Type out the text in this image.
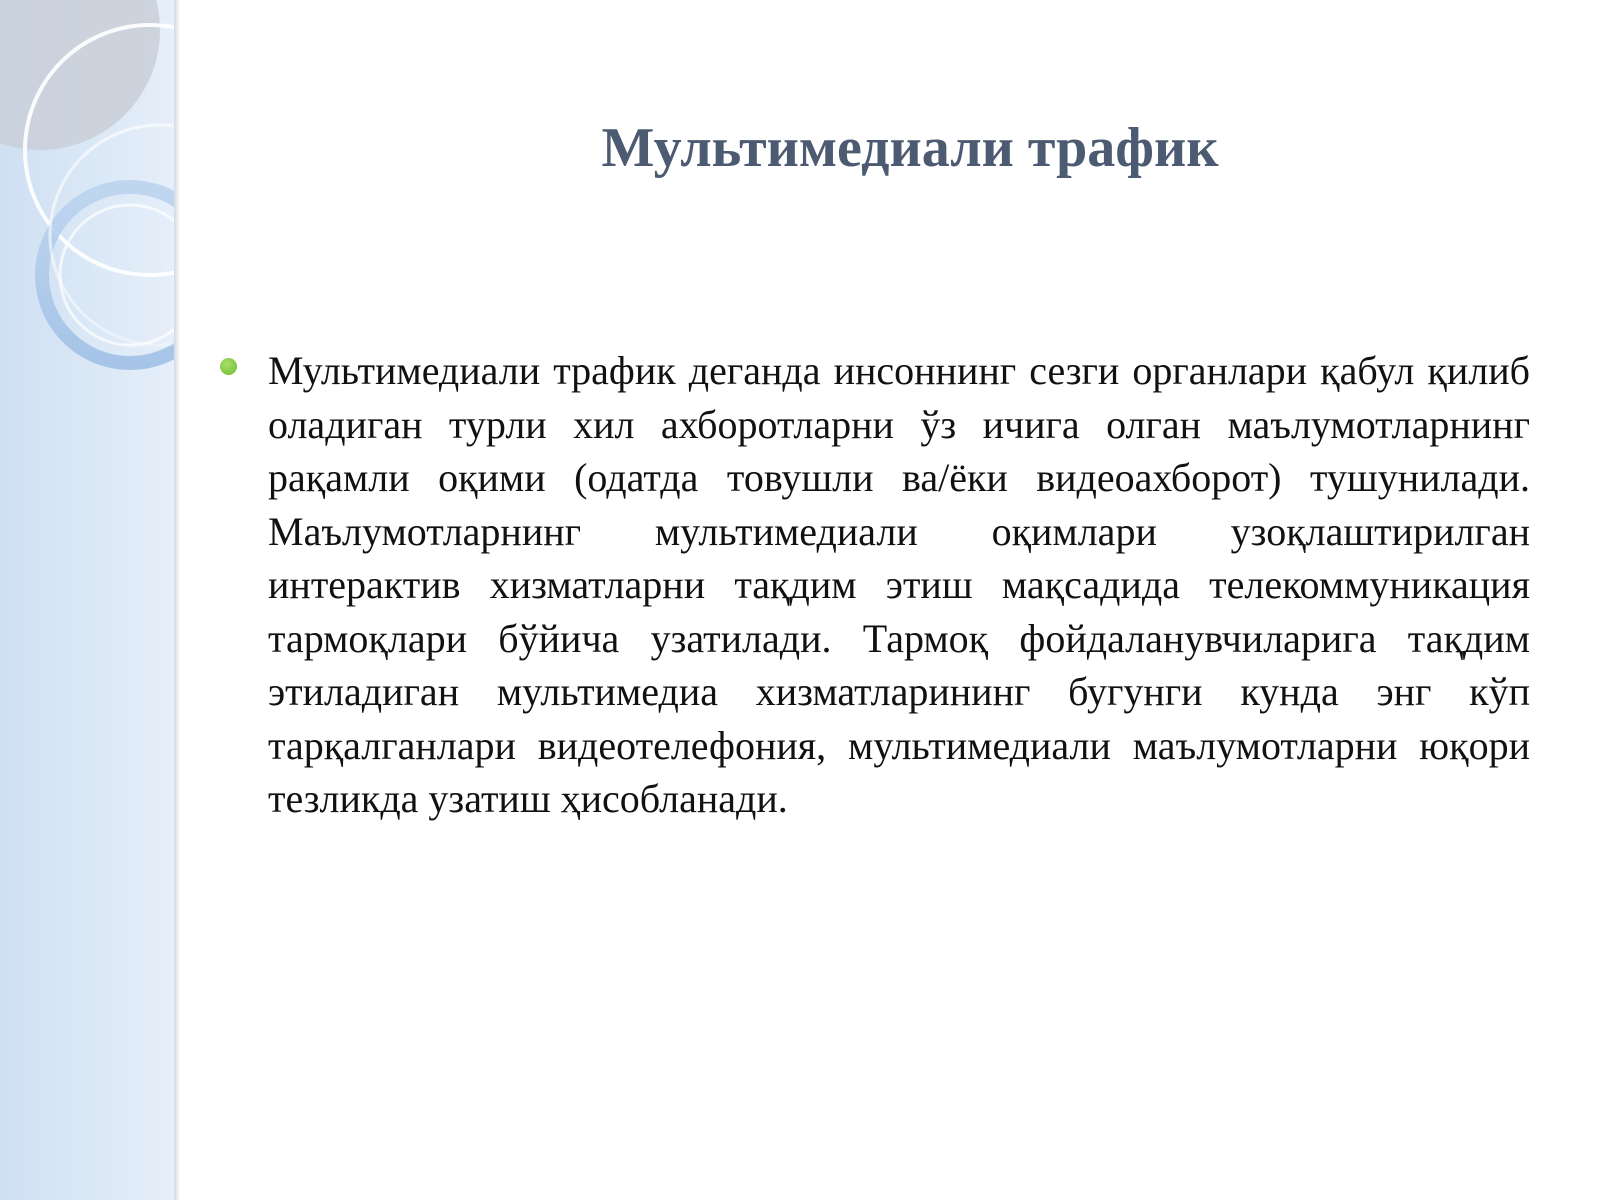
Мультимедиали трафик

Мультимедиали трафик деганда инсоннинг сезги органлари қабул қилиб оладиган турли хил ахборотларни ўз ичига олган маълумотларнинг рақамли оқими (одатда товушли ва/ёки видеоахборот) тушунилади. Маълумотларнинг мультимедиали оқимлари узоқлаштирилган интерактив хизматларни тақдим этиш мақсадида телекоммуникация тармоқлари бўйича узатилади. Тармоқ фойдаланувчиларига тақдим этиладиган мультимедиа хизматларининг бугунги кунда энг кўп тарқалганлари видеотелефония, мультимедиали маълумотларни юқори тезликда узатиш ҳисобланади.
